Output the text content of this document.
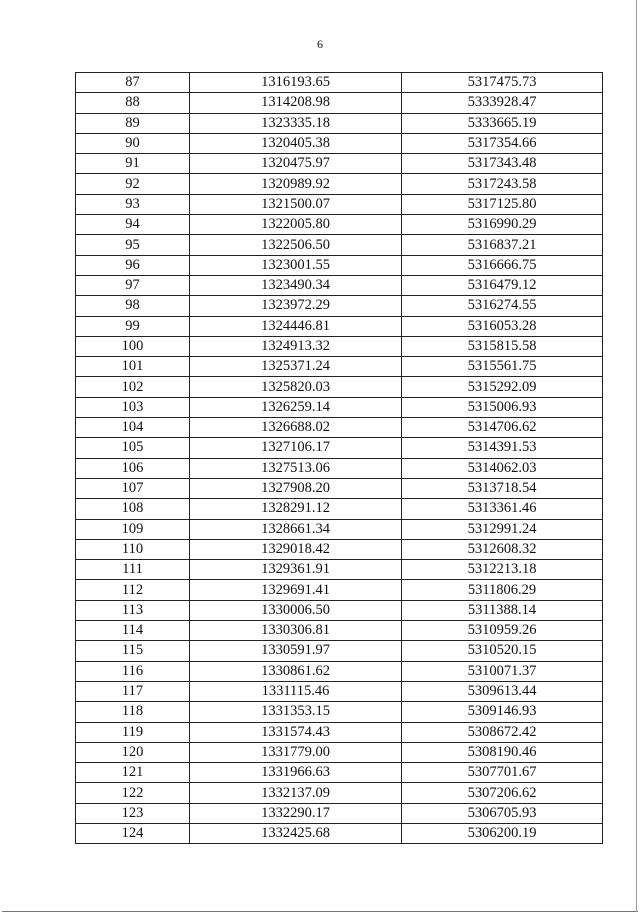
6
87	1316193.65	5317475.73
88	1314208.98	5333928.47
89	1323335.18	5333665.19
90	1320405.38	5317354.66
91	1320475.97	5317343.48
92	1320989.92	5317243.58
93	1321500.07	5317125.80
94	1322005.80	5316990.29
95	1322506.50	5316837.21
96	1323001.55	5316666.75
97	1323490.34	5316479.12
98	1323972.29	5316274.55
99	1324446.81	5316053.28
100	1324913.32	5315815.58
101	1325371.24	5315561.75
102	1325820.03	5315292.09
103	1326259.14	5315006.93
104	1326688.02	5314706.62
105	1327106.17	5314391.53
106	1327513.06	5314062.03
107	1327908.20	5313718.54
108	1328291.12	5313361.46
109	1328661.34	5312991.24
110	1329018.42	5312608.32
111	1329361.91	5312213.18
112	1329691.41	5311806.29
113	1330006.50	5311388.14
114	1330306.81	5310959.26
115	1330591.97	5310520.15
116	1330861.62	5310071.37
117	1331115.46	5309613.44
118	1331353.15	5309146.93
119	1331574.43	5308672.42
120	1331779.00	5308190.46
121	1331966.63	5307701.67
122	1332137.09	5307206.62
123	1332290.17	5306705.93
124	1332425.68	5306200.19
